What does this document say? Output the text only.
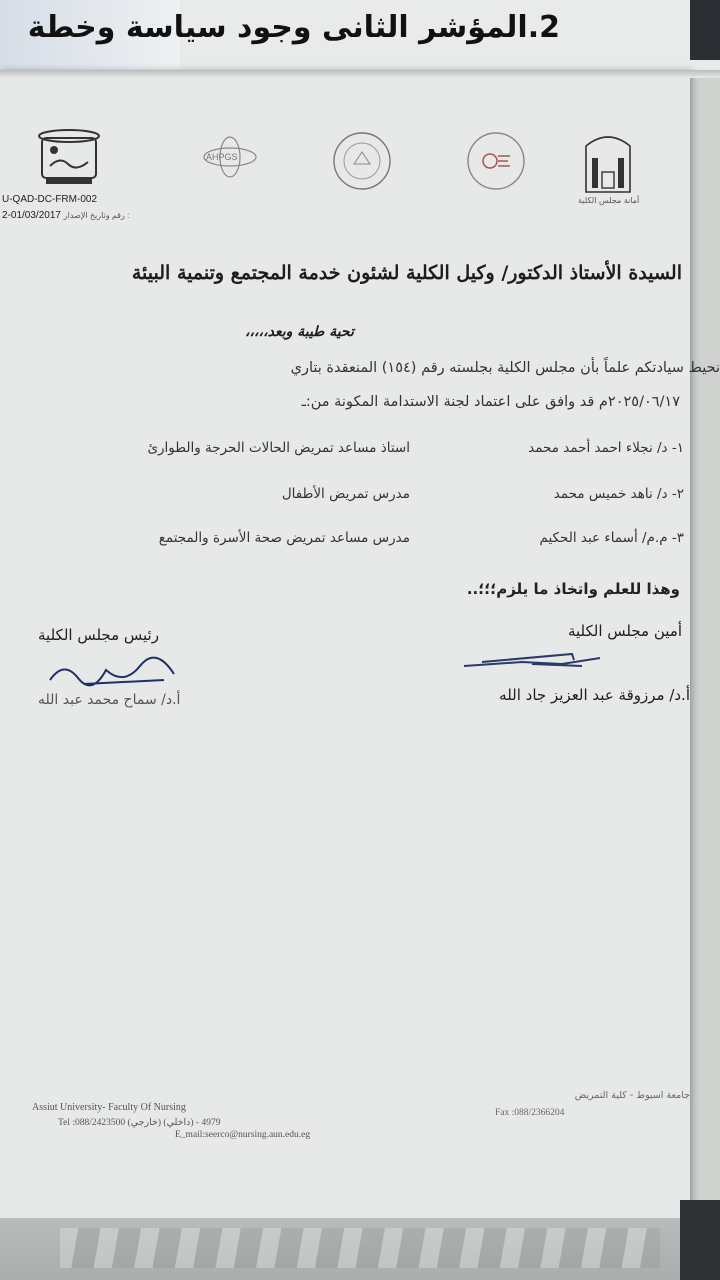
2.المؤشر الثانى وجود سياسة وخطة
AHPGS
أمانة مجلس الكلية
U-QAD-DC-FRM-002
2-01/03/2017 رقم وتاريخ الإصدار :
السيدة الأستاذ الدكتور/ وكيل الكلية لشئون خدمة المجتمع وتنمية البيئة
تحية طيبة وبعد،،،،،
نحيط سيادتكم علماً بأن مجلس الكلية بجلسته رقم (١٥٤) المنعقدة بتاري
٢٠٢٥/٠٦/١٧م قد وافق على اعتماد لجنة الاستدامة المكونة من:ـ
١- د/ نجلاء احمد أحمد محمد
استاذ مساعد تمريض الحالات الحرجة والطوارئ
٢- د/ ناهد خميس محمد
مدرس تمريض الأطفال
٣- م.م/ أسماء عبد الحكيم
مدرس مساعد تمريض صحة الأسرة والمجتمع
وهذا للعلم واتخاذ ما يلزم؛؛؛..
أمين مجلس الكلية
أ.د/ مرزوقة عبد العزيز جاد الله
رئيس مجلس الكلية
أ.د/ سماح محمد عبد الله
Assiut University- Faculty Of Nursing
Tel :088/2423500 (خارجي) 4979 - (داخلي)
E_mail:seerco@nursing.aun.edu.eg
جامعة اسيوط - كلية التمريض
Fax :088/2366204
